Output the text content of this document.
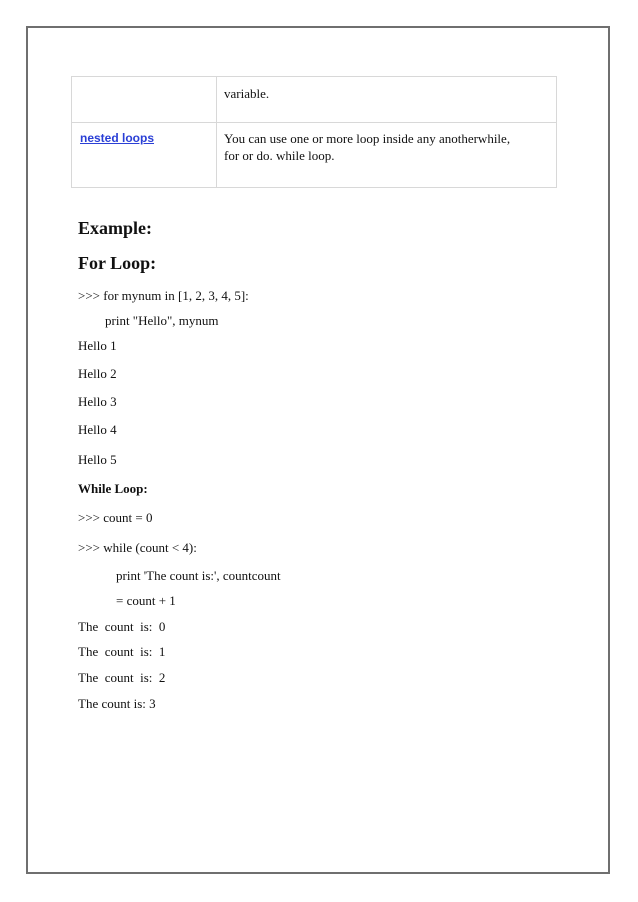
variable.
nested loops	You can use one or more loop inside any anotherwhile,
for or do. while loop.
Example:
For Loop:
>>> for mynum in [1, 2, 3, 4, 5]:
print "Hello", mynum
Hello 1
Hello 2
Hello 3
Hello 4
Hello 5
While Loop:
>>> count = 0
>>> while (count < 4):
print 'The count is:', countcount
= count + 1
The  count  is:  0
The  count  is:  1
The  count  is:  2
The count is: 3
